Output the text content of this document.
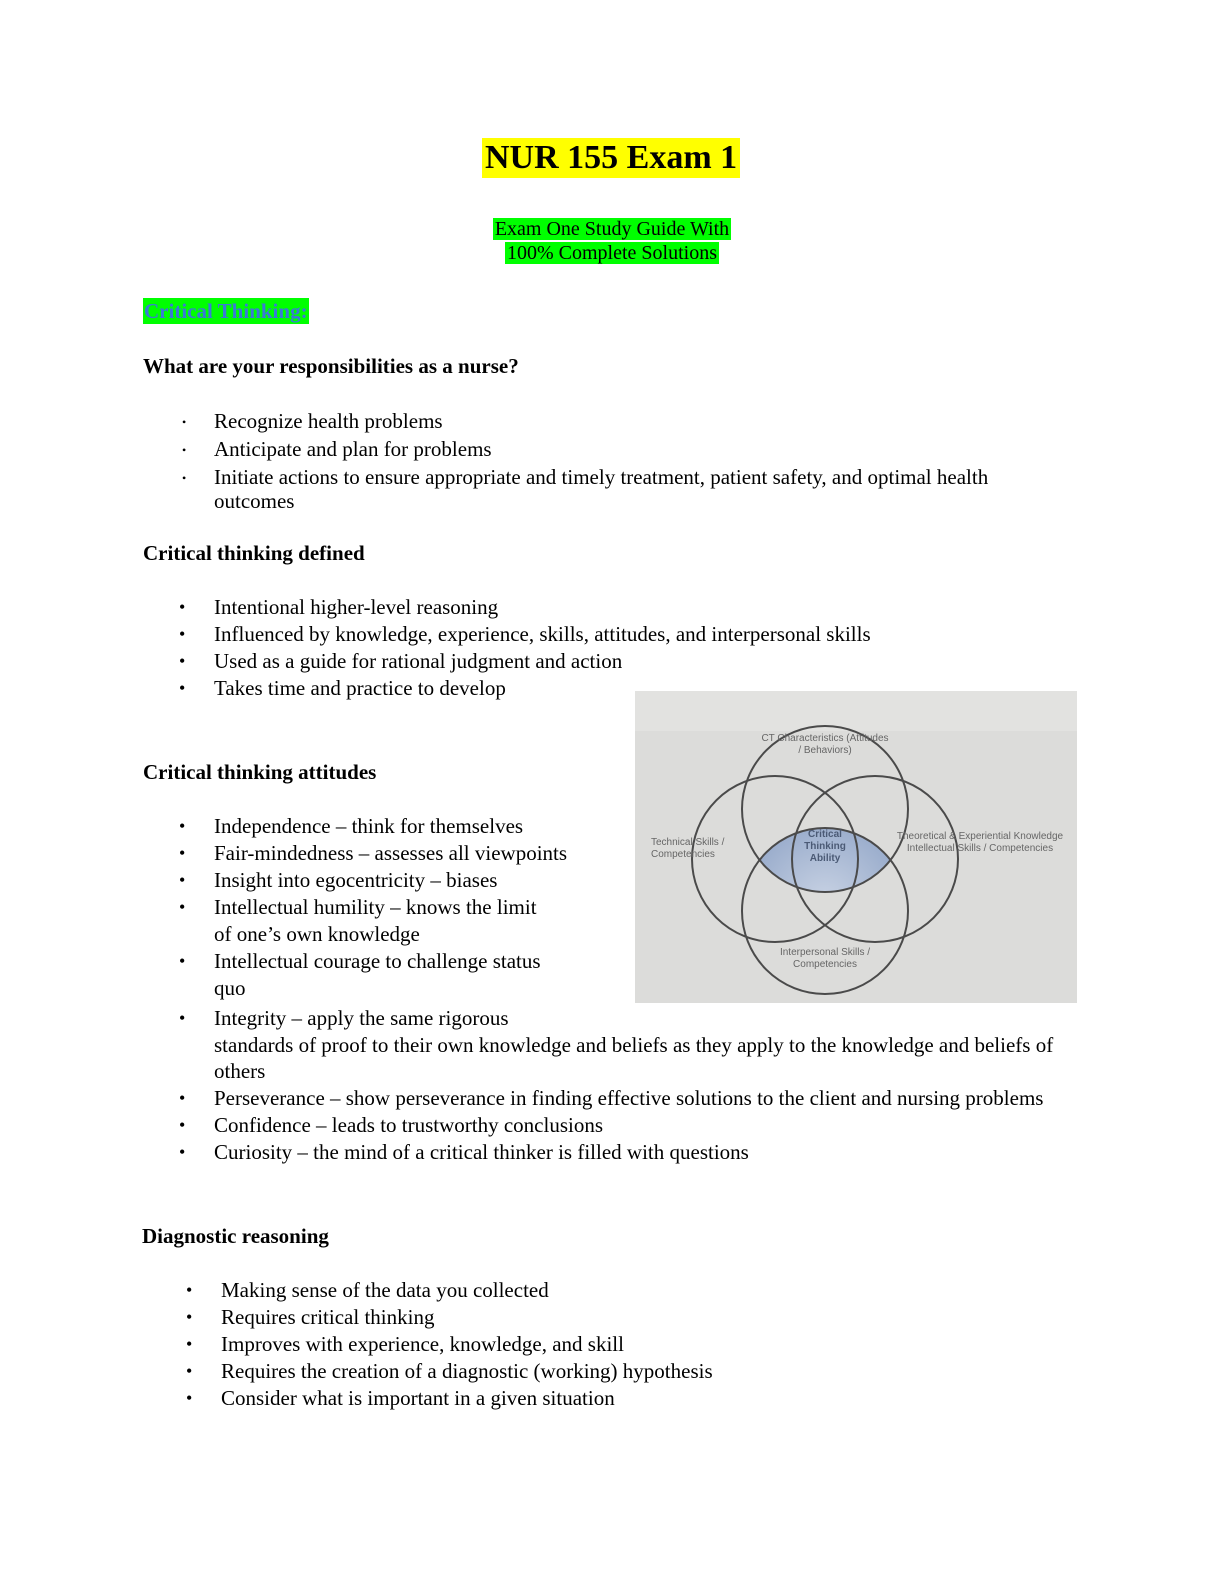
NUR 155 Exam 1
Exam One Study Guide With
100% Complete Solutions
Critical Thinking:
What are your responsibilities as a nurse?
• Recognize health problems
• Anticipate and plan for problems
• Initiate actions to ensure appropriate and timely treatment, patient safety, and optimal health outcomes
Critical thinking defined
• Intentional higher-level reasoning
• Influenced by knowledge, experience, skills, attitudes, and interpersonal skills
• Used as a guide for rational judgment and action
• Takes time and practice to develop
CT Characteristics (Attitudes / Behaviors)
Technical Skills / Competencies
Theoretical & Experiential Knowledge Intellectual Skills / Competencies
Interpersonal Skills / Competencies
Critical Thinking Ability
Critical thinking attitudes
• Independence – think for themselves
• Fair-mindedness – assesses all viewpoints
• Insight into egocentricity – biases
• Intellectual humility – knows the limit of one’s own knowledge
• Intellectual courage to challenge status quo
• Integrity – apply the same rigorous
standards of proof to their own knowledge and beliefs as they apply to the knowledge and beliefs of others
• Perseverance – show perseverance in finding effective solutions to the client and nursing problems
• Confidence – leads to trustworthy conclusions
• Curiosity – the mind of a critical thinker is filled with questions
Diagnostic reasoning
• Making sense of the data you collected
• Requires critical thinking
• Improves with experience, knowledge, and skill
• Requires the creation of a diagnostic (working) hypothesis
• Consider what is important in a given situation
